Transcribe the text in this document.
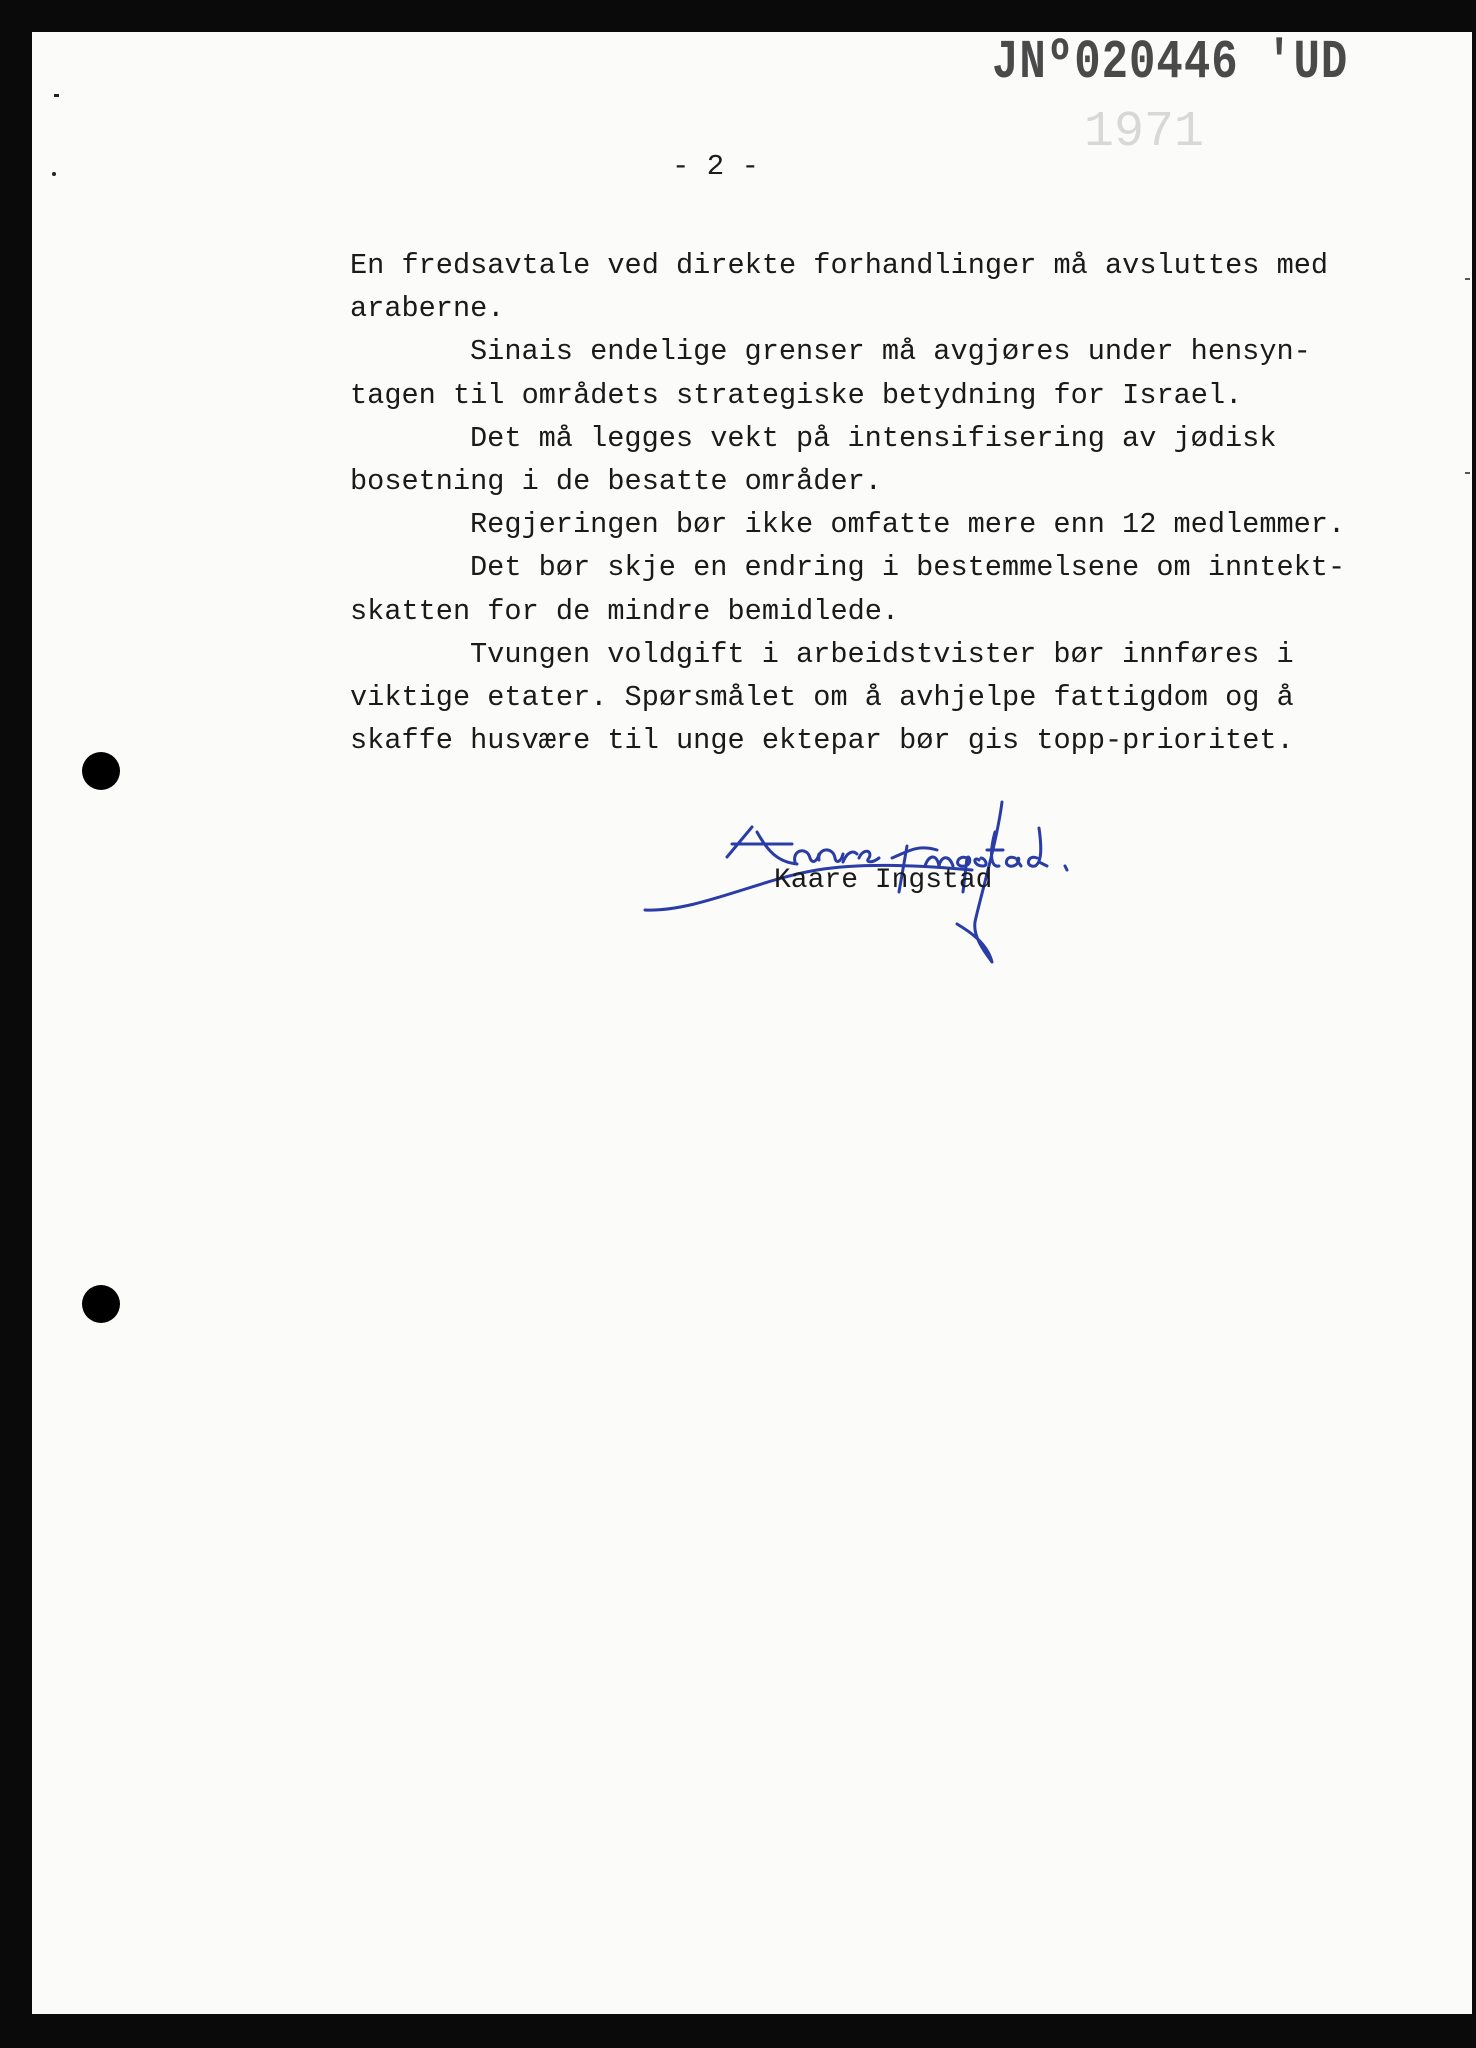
JNº020446 'UD
1971
- 2 -
En fredsavtale ved direkte forhandlinger må avsluttes med
araberne.
Sinais endelige grenser må avgjøres under hensyn-
tagen til områdets strategiske betydning for Israel.
Det må legges vekt på intensifisering av jødisk
bosetning i de besatte områder.
Regjeringen bør ikke omfatte mere enn 12 medlemmer.
Det bør skje en endring i bestemmelsene om inntekt-
skatten for de mindre bemidlede.
Tvungen voldgift i arbeidstvister bør innføres i
viktige etater. Spørsmålet om å avhjelpe fattigdom og å
skaffe husvære til unge ektepar bør gis topp-prioritet.
Kaare Ingstad
